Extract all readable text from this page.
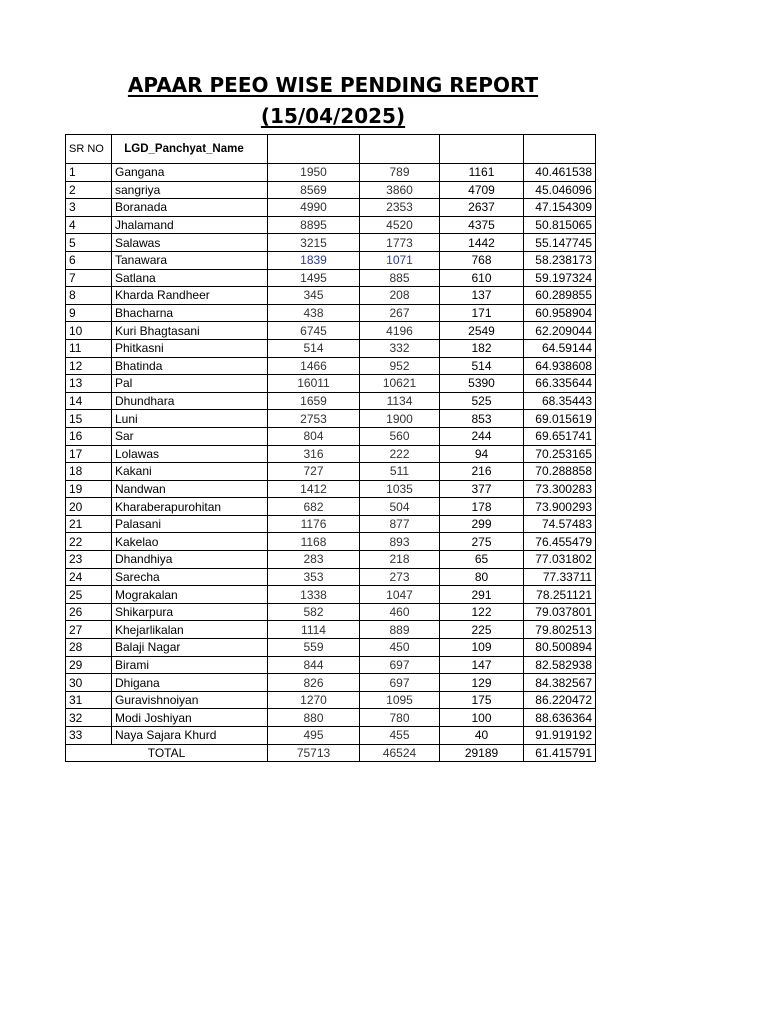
APAAR PEEO WISE PENDING REPORT
(15/04/2025)
SR NO	LGD_Panchyat_Name				
1	Gangana	1950	789	1161	40.461538
2	sangriya	8569	3860	4709	45.046096
3	Boranada	4990	2353	2637	47.154309
4	Jhalamand	8895	4520	4375	50.815065
5	Salawas	3215	1773	1442	55.147745
6	Tanawara	1839	1071	768	58.238173
7	Satlana	1495	885	610	59.197324
8	Kharda Randheer	345	208	137	60.289855
9	Bhacharna	438	267	171	60.958904
10	Kuri Bhagtasani	6745	4196	2549	62.209044
11	Phitkasni	514	332	182	64.59144
12	Bhatinda	1466	952	514	64.938608
13	Pal	16011	10621	5390	66.335644
14	Dhundhara	1659	1134	525	68.35443
15	Luni	2753	1900	853	69.015619
16	Sar	804	560	244	69.651741
17	Lolawas	316	222	94	70.253165
18	Kakani	727	511	216	70.288858
19	Nandwan	1412	1035	377	73.300283
20	Kharaberapurohitan	682	504	178	73.900293
21	Palasani	1176	877	299	74.57483
22	Kakelao	1168	893	275	76.455479
23	Dhandhiya	283	218	65	77.031802
24	Sarecha	353	273	80	77.33711
25	Mograkalan	1338	1047	291	78.251121
26	Shikarpura	582	460	122	79.037801
27	Khejarlikalan	1114	889	225	79.802513
28	Balaji Nagar	559	450	109	80.500894
29	Birami	844	697	147	82.582938
30	Dhigana	826	697	129	84.382567
31	Guravishnoiyan	1270	1095	175	86.220472
32	Modi Joshiyan	880	780	100	88.636364
33	Naya Sajara Khurd	495	455	40	91.919192
TOTAL		75713	46524	29189	61.415791
